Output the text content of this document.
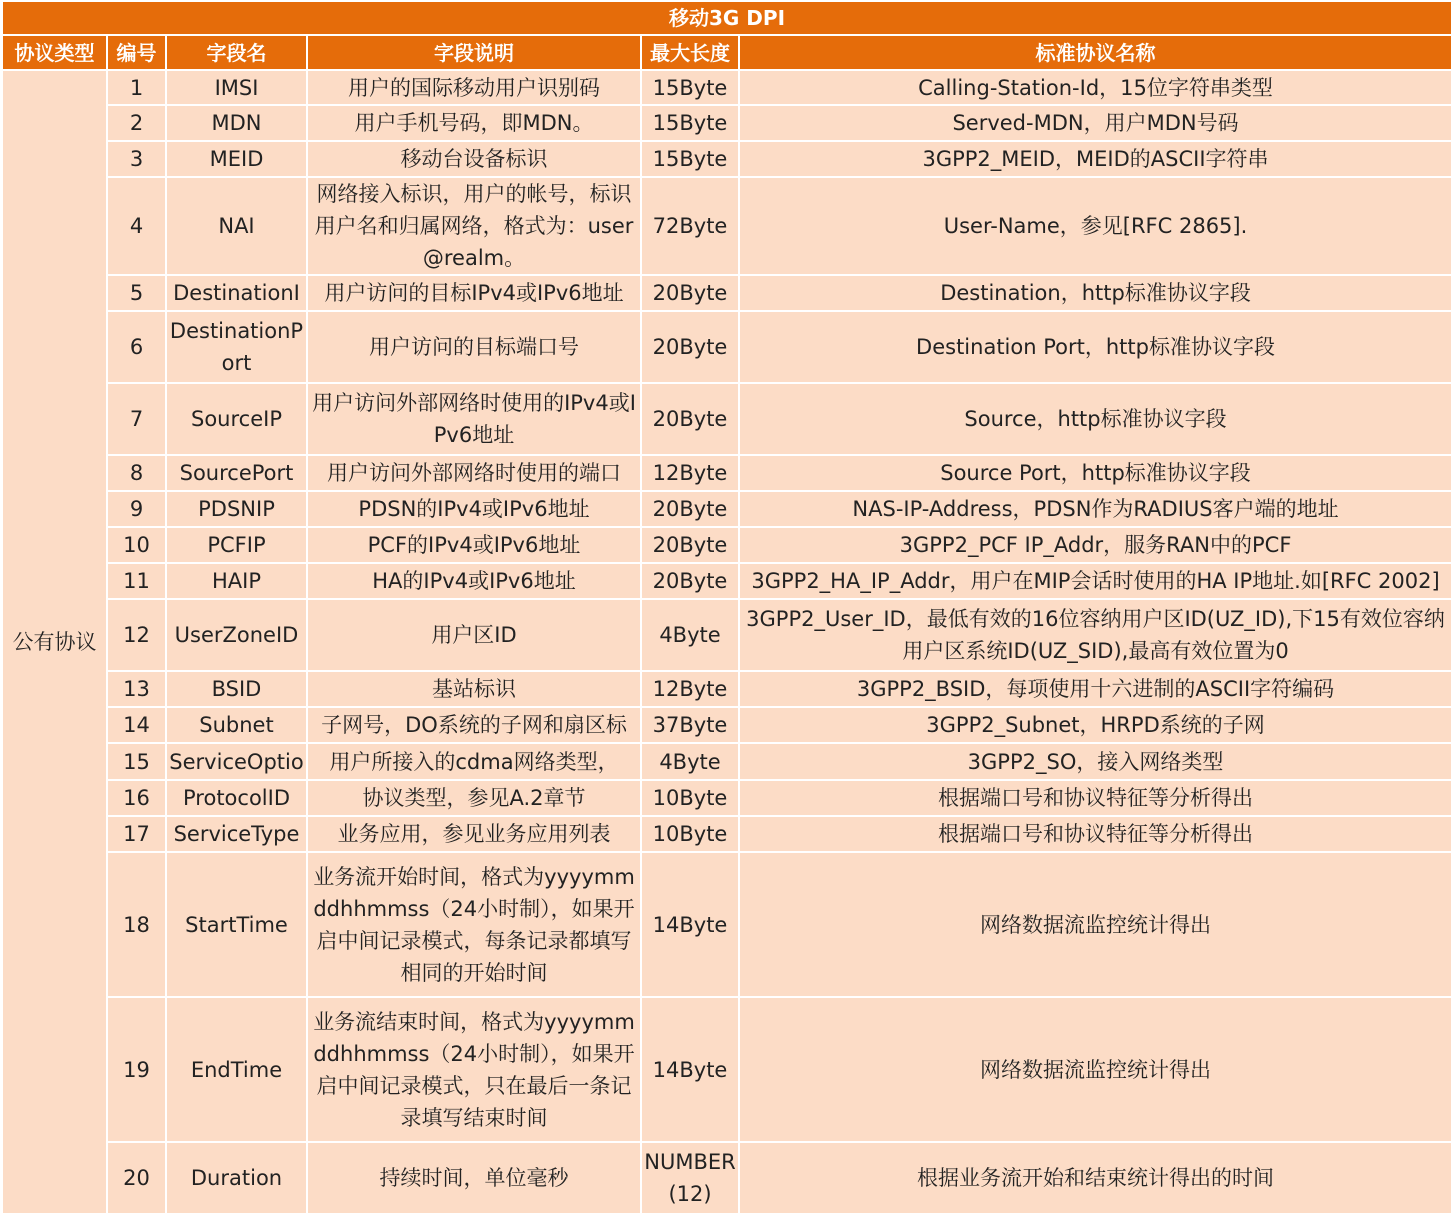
移动3G DPI					
协议类型	编号	字段名	字段说明	最大长度	标准协议名称
公有协议	1	IMSI	用户的国际移动用户识别码	15Byte	Calling-Station-Id，15位字符串类型
	2	MDN	用户手机号码，即MDN。	15Byte	Served-MDN，用户MDN号码
	3	MEID	移动台设备标识	15Byte	3GPP2_MEID，MEID的ASCII字符串
	4	NAI	网络接入标识，用户的帐号，标识用户名和归属网络，格式为：user@realm。	72Byte	User-Name，参见[RFC 2865].
	5	DestinationI	用户访问的目标IPv4或IPv6地址	20Byte	Destination，http标准协议字段
	6	DestinationPort	用户访问的目标端口号	20Byte	Destination Port，http标准协议字段
	7	SourceIP	用户访问外部网络时使用的IPv4或IPv6地址	20Byte	Source，http标准协议字段
	8	SourcePort	用户访问外部网络时使用的端口	12Byte	Source Port，http标准协议字段
	9	PDSNIP	PDSN的IPv4或IPv6地址	20Byte	NAS-IP-Address，PDSN作为RADIUS客户端的地址
	10	PCFIP	PCF的IPv4或IPv6地址	20Byte	3GPP2_PCF IP_Addr，服务RAN中的PCF
	11	HAIP	HA的IPv4或IPv6地址	20Byte	3GPP2_HA_IP_Addr，用户在MIP会话时使用的HA IP地址.如[RFC 2002]
	12	UserZoneID	用户区ID	4Byte	3GPP2_User_ID，最低有效的16位容纳用户区ID(UZ_ID),下15有效位容纳用户区系统ID(UZ_SID),最高有效位置为0
	13	BSID	基站标识	12Byte	3GPP2_BSID，每项使用十六进制的ASCII字符编码
	14	Subnet	子网号，DO系统的子网和扇区标	37Byte	3GPP2_Subnet，HRPD系统的子网
	15	ServiceOptio	用户所接入的cdma网络类型，	4Byte	3GPP2_SO，接入网络类型
	16	ProtocolID	协议类型，参见A.2章节	10Byte	根据端口号和协议特征等分析得出
	17	ServiceType	业务应用，参见业务应用列表	10Byte	根据端口号和协议特征等分析得出
	18	StartTime	业务流开始时间，格式为yyyymmddhhmmss（24小时制），如果开启中间记录模式，每条记录都填写相同的开始时间	14Byte	网络数据流监控统计得出
	19	EndTime	业务流结束时间，格式为yyyymmddhhmmss（24小时制），如果开启中间记录模式，只在最后一条记录填写结束时间	14Byte	网络数据流监控统计得出
	20	Duration	持续时间，单位毫秒	NUMBER(12)	根据业务流开始和结束统计得出的时间
